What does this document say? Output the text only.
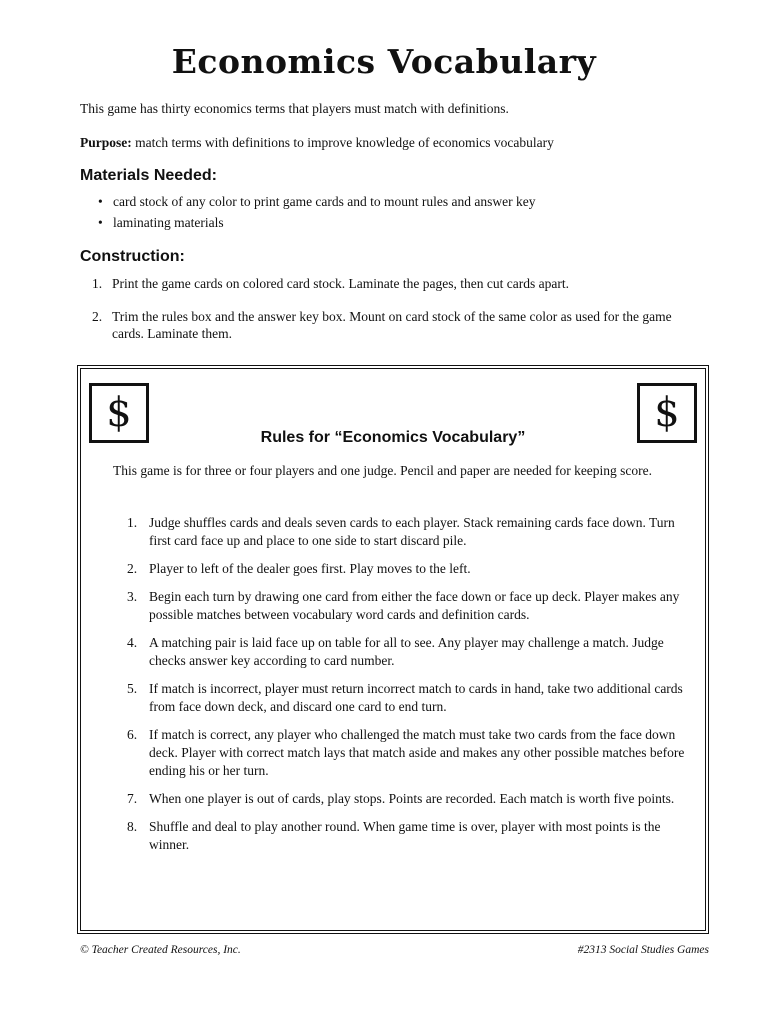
Economics Vocabulary

This game has thirty economics terms that players must match with definitions.

Purpose: match terms with definitions to improve knowledge of economics vocabulary

Materials Needed:
• card stock of any color to print game cards and to mount rules and answer key
• laminating materials
Construction:
1. Print the game cards on colored card stock. Laminate the pages, then cut cards apart.
2. Trim the rules box and the answer key box. Mount on card stock of the same color as used for the game cards. Laminate them.
$	$
Rules for “Economics Vocabulary”

This game is for three or four players and one judge. Pencil and paper are needed for keeping score.

1. Judge shuffles cards and deals seven cards to each player. Stack remaining cards face down. Turn first card face up and place to one side to start discard pile.
2. Player to left of the dealer goes first. Play moves to the left.
3. Begin each turn by drawing one card from either the face down or face up deck. Player makes any possible matches between vocabulary word cards and definition cards.
4. A matching pair is laid face up on table for all to see. Any player may challenge a match. Judge checks answer key according to card number.
5. If match is incorrect, player must return incorrect match to cards in hand, take two additional cards from face down deck, and discard one card to end turn.
6. If match is correct, any player who challenged the match must take two cards from the face down deck. Player with correct match lays that match aside and makes any other possible matches before ending his or her turn.
7. When one player is out of cards, play stops. Points are recorded. Each match is worth five points.
8. Shuffle and deal to play another round. When game time is over, player with most points is the winner.

© Teacher Created Resources, Inc.	#2313 Social Studies Games
